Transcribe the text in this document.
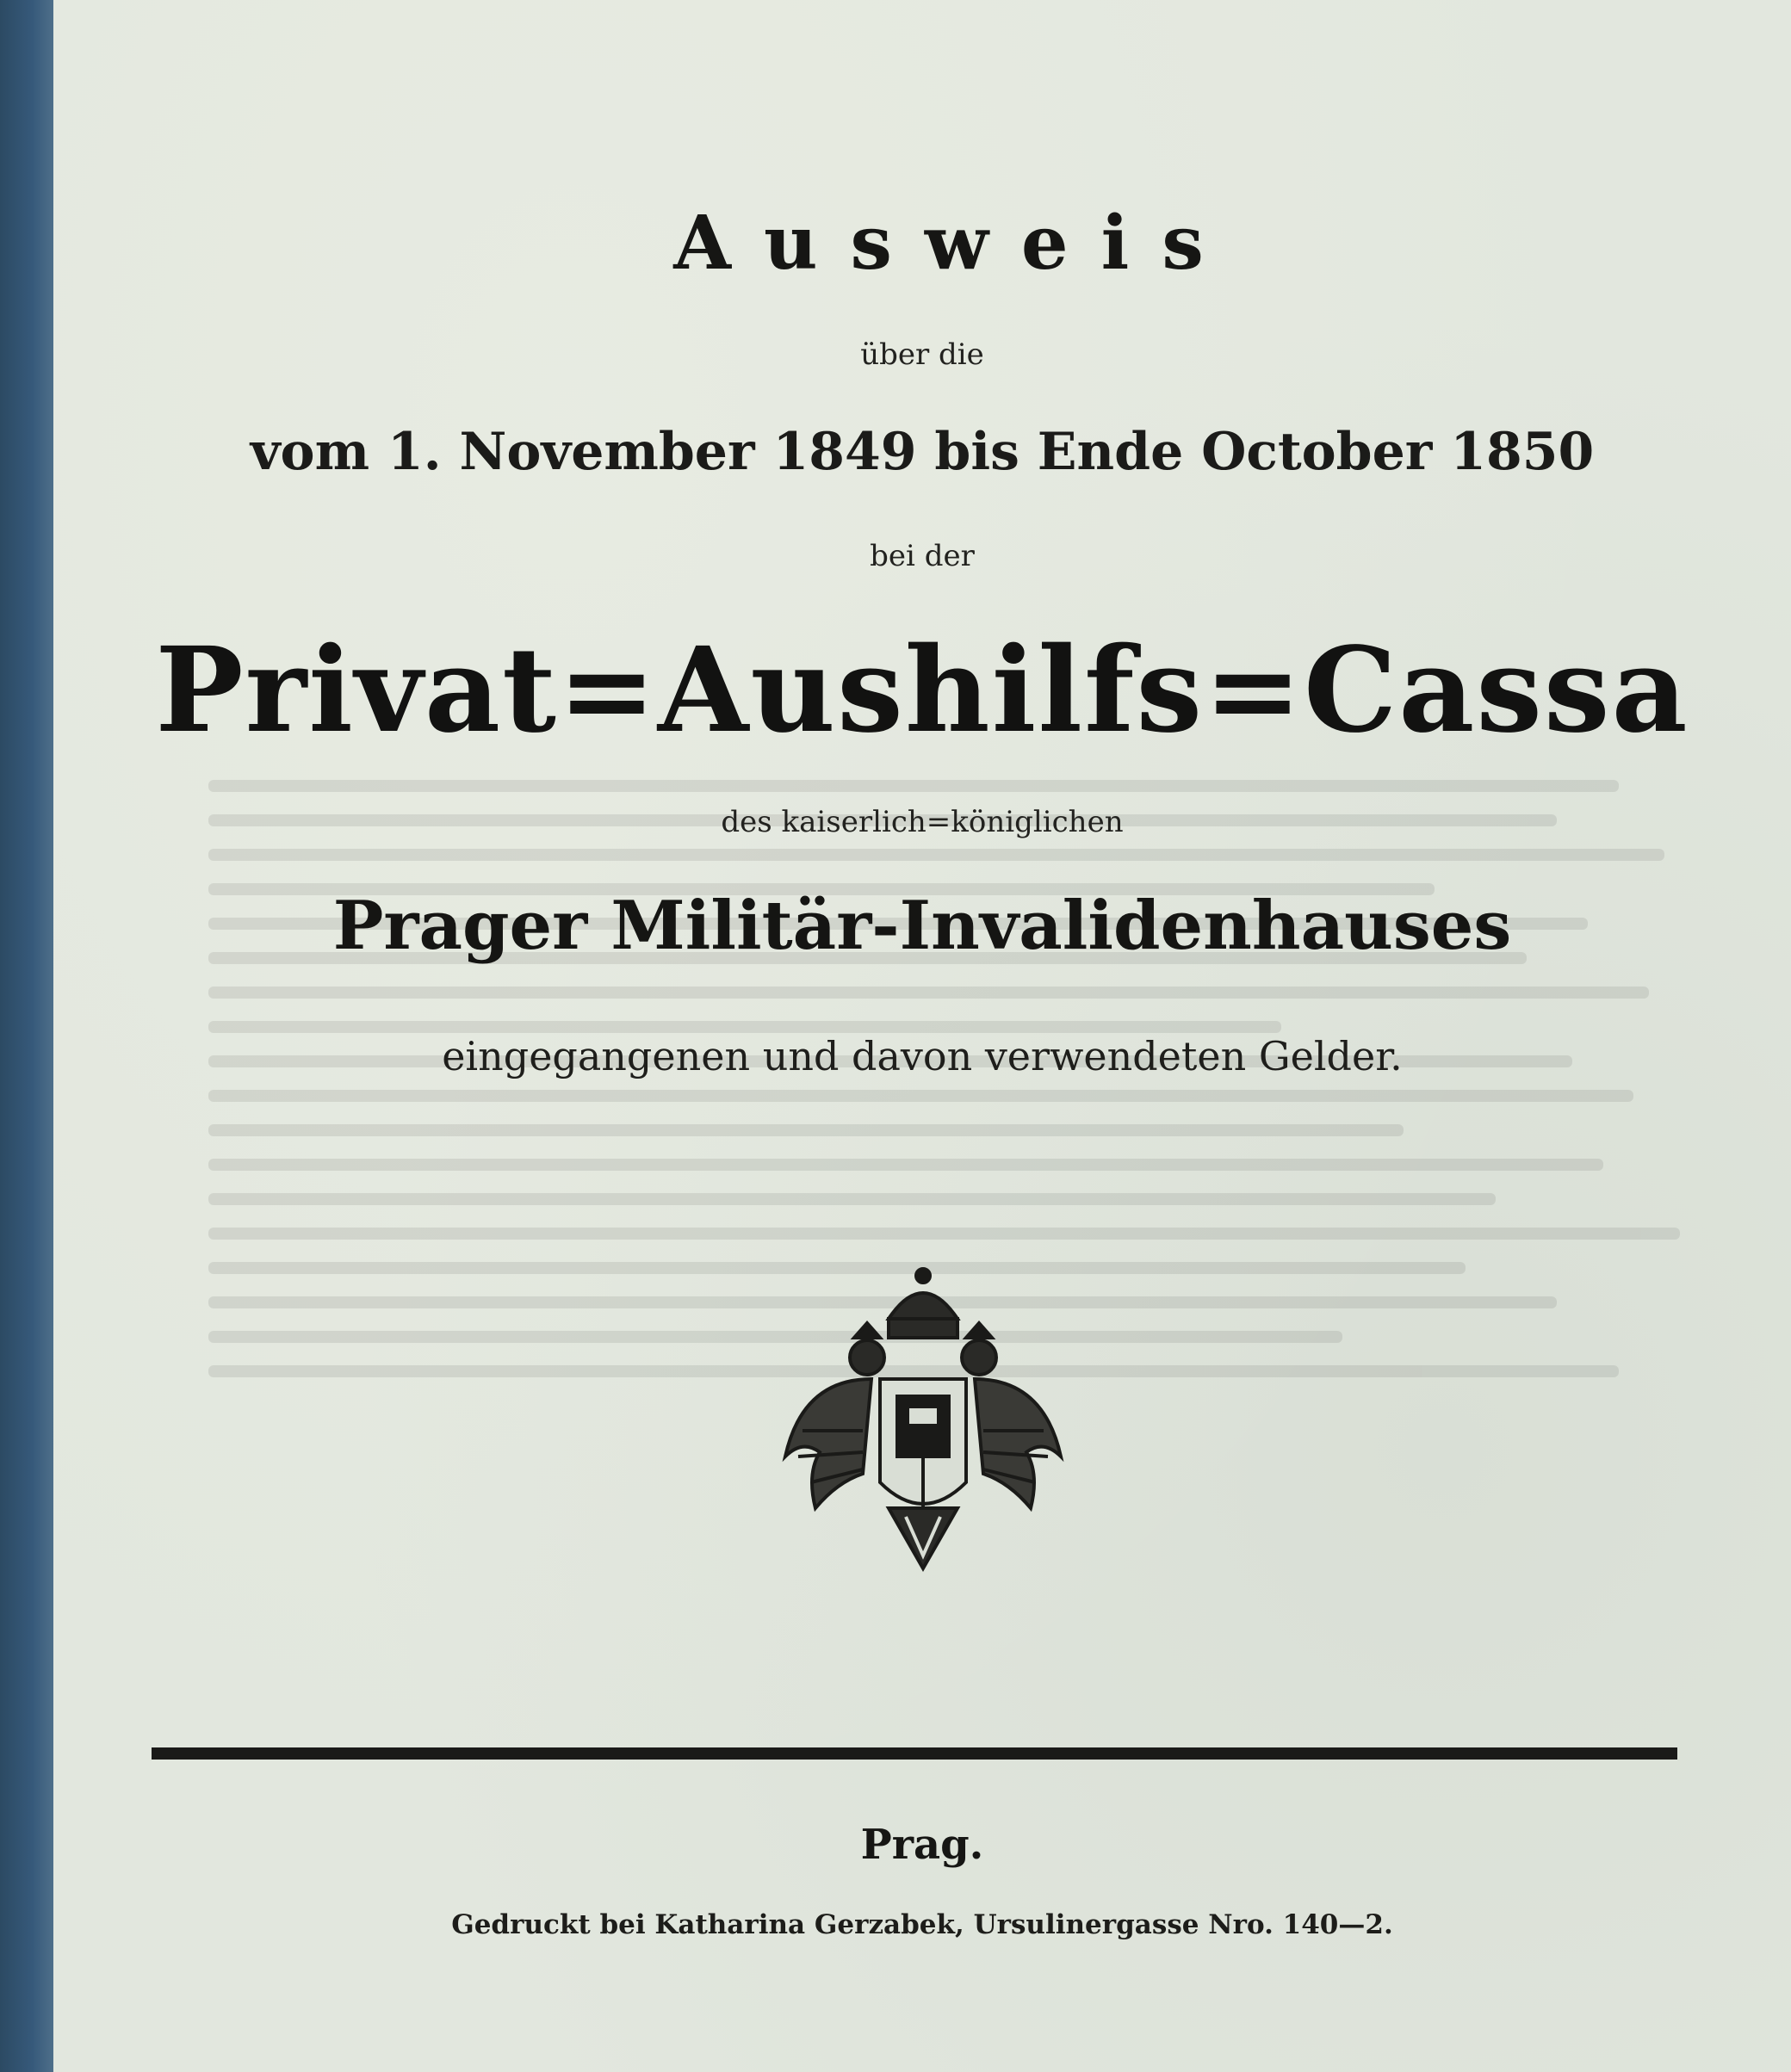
Ausweis
über die
vom 1. November 1849 bis Ende October 1850
bei der
Privat=Aushilfs=Cassa
des kaiserlich=königlichen
Prager Militär-Invalidenhauses
eingegangenen und davon verwendeten Gelder.
Prag.
Gedruckt bei Katharina Gerzabek, Ursulinergasse Nro. 140—2.
